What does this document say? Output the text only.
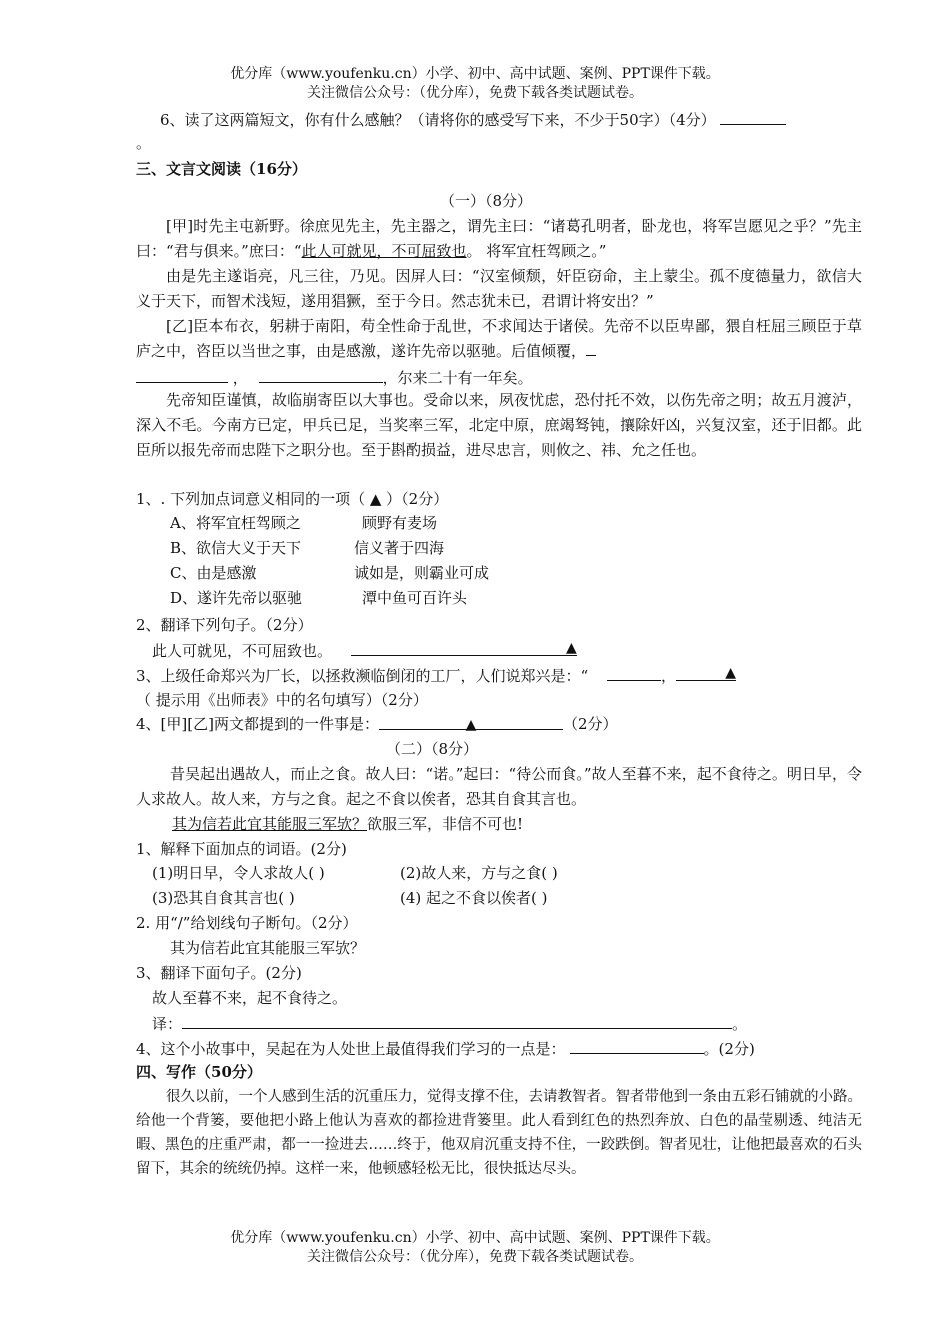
优分库（www.youfenku.cn）小学、初中、高中试题、案例、PPT课件下载。
关注微信公众号：（优分库），免费下载各类试题试卷。
6、读了这两篇短文，你有什么感触？（请将你的感受写下来，不少于50字）（4分）
。
三、文言文阅读（16分）
（一）（8分）
[甲]时先主屯新野。徐庶见先主，先主器之，谓先主曰：“诸葛孔明者，卧龙也，将军岂愿见之乎？”先主曰：“君与俱来。”庶曰：“此人可就见，不可屈致也。 将军宜枉驾顾之。”
由是先主遂诣亮，凡三往，乃见。因屏人曰：“汉室倾颓，奸臣窃命，主上蒙尘。孤不度德量力，欲信大义于天下，而智术浅短，遂用猖獗，至于今日。然志犹未已，君谓计将安出？”
[乙]臣本布衣，躬耕于南阳，苟全性命于乱世，不求闻达于诸侯。先帝不以臣卑鄙，猥自枉屈三顾臣于草庐之中，咨臣以当世之事，由是感激，遂许先帝以驱驰。后值倾覆，
，	，尔来二十有一年矣。
先帝知臣谨慎，故临崩寄臣以大事也。受命以来，夙夜忧虑，恐付托不效，以伤先帝之明；故五月渡泸，深入不毛。今南方已定，甲兵已足，当奖率三军，北定中原，庶竭驽钝，攘除奸凶，兴复汉室，还于旧都。此臣所以报先帝而忠陛下之职分也。至于斟酌损益，进尽忠言，则攸之、祎、允之任也。
1、. 下列加点词意义相同的一项（ ▲ ）（2分）
A、将军宜枉驾顾之	顾野有麦场
B、欲信大义于天下	信义著于四海
C、由是感激	诚如是，则霸业可成
D、遂许先帝以驱驰	潭中鱼可百许头
2、翻译下列句子。（2分）
此人可就见，不可屈致也。	▲
3、上级任命郑兴为厂长，以拯救濒临倒闭的工厂，人们说郑兴是：“	，	▲
（ 提示用《出师表》中的名句填写）（2分）
4、[甲][乙]两文都提到的一件事是：	▲	（2分）
（二）（8分）
昔吴起出遇故人，而止之食。故人曰：“诺。”起曰：“待公而食。”故人至暮不来，起不食待之。明日早，令人求故人。故人来，方与之食。起之不食以俟者，恐其自食其言也。
其为信若此宜其能服三军欤？欲服三军，非信不可也!
1、解释下面加点的词语。(2分)
(1)明日早，令人求故人( )	(2)故人来，方与之食( )
(3)恐其自食其言也( )	(4) 起之不食以俟者( )
2. 用“/”给划线句子断句。（2分）
其为信若此宜其能服三军欤？
3、翻译下面句子。(2分)
故人至暮不来，起不食待之。
译：	。
4、这个小故事中，吴起在为人处世上最值得我们学习的一点是：	。(2分)
四、写作（50分）
很久以前，一个人感到生活的沉重压力，觉得支撑不住，去请教智者。智者带他到一条由五彩石铺就的小路。给他一个背篓，要他把小路上他认为喜欢的都捡进背篓里。此人看到红色的热烈奔放、白色的晶莹剔透、纯洁无暇、黑色的庄重严肃，都一一捡进去……终于，他双肩沉重支持不住，一跤跌倒。智者见壮，让他把最喜欢的石头留下，其余的统统仍掉。这样一来，他顿感轻松无比，很快抵达尽头。
优分库（www.youfenku.cn）小学、初中、高中试题、案例、PPT课件下载。
关注微信公众号：（优分库），免费下载各类试题试卷。
